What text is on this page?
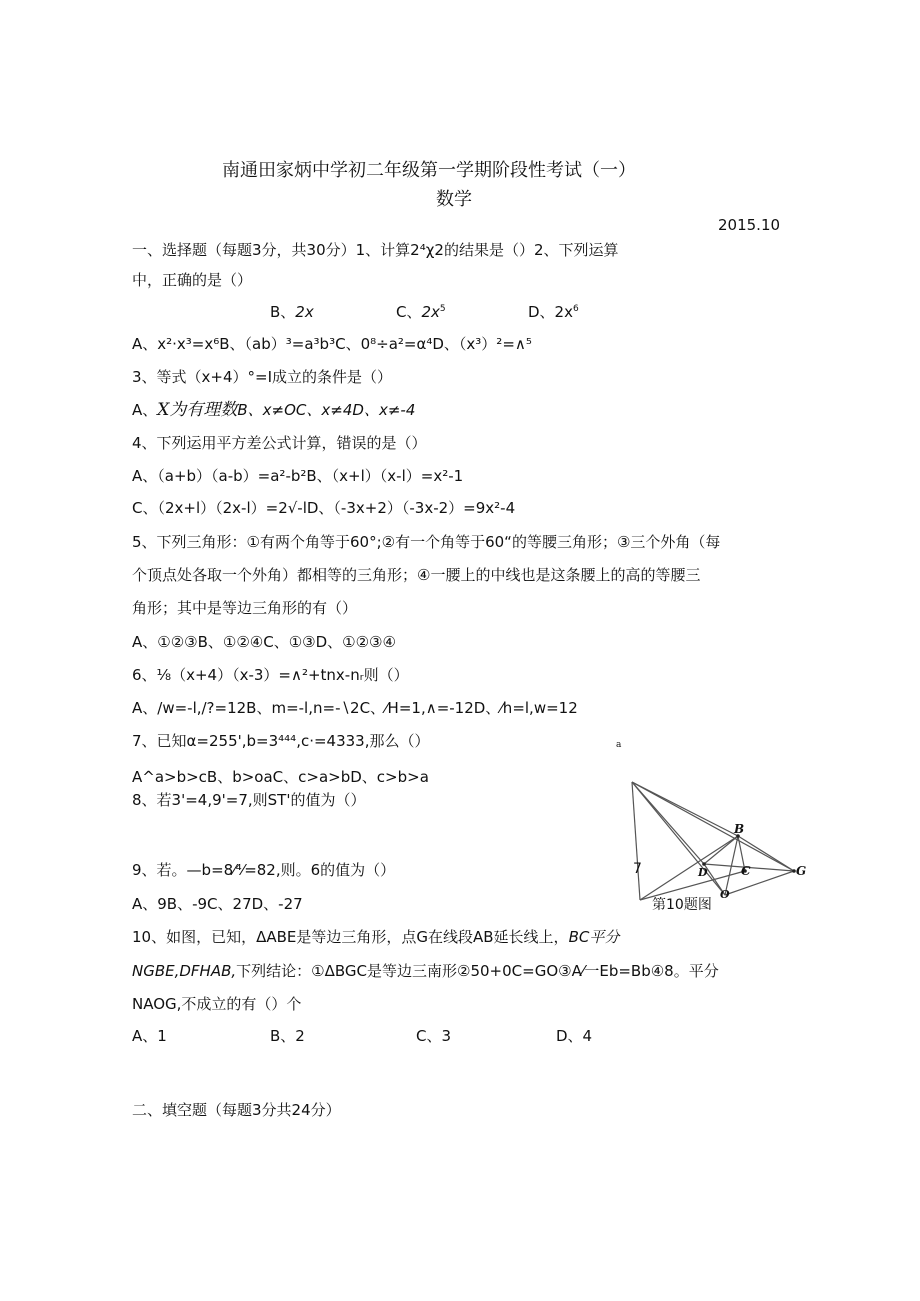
南通田家炳中学初二年级第一学期阶段性考试（一）
数学
2015.10
一、选择题（每题3分，共30分）1、计算2⁴χ2的结果是（）2、下列运算
中，正确的是（）
B、2x	C、$2x^5$	D、$2x^6$
A、x²·x³=x⁶B、（ab）³=a³b³C、0⁸÷a²=α⁴D、（x³）²=∧⁵
3、等式（x+4）°=I成立的条件是（）
A、X为有理数B、x≠OC、x≠4D、x≠-4
4、下列运用平方差公式计算，错误的是（）
A、（a+b）（a-b）=a²-b²B、（x+l）（x-l）=x²-1
C、（2x+l）（2x-l）=2√-lD、（-3x+2）（-3x-2）=9x²-4
5、下列三角形：①有两个角等于60°;②有一个角等于60“的等腰三角形；③三个外角（每
个顶点处各取一个外角）都相等的三角形；④一腰上的中线也是这条腰上的高的等腰三
角形；其中是等边三角形的有（）
A、①②③B、①②④C、①③D、①②③④
6、⅛（x+4）（x-3）=∧²+tnx-nᵣ则（）
A、/w=-l,/?=12B、m=-l,n=-∖2C、⁄H=1,∧=-12D、⁄h=l,w=12
7、已知α=255',b=3⁴⁴⁴,c·=4333,那么（）
A^a>b>cB、b>oaC、c>a>bD、c>b>a
8、若3'=4,9'=7,则ST'的值为（）
9、若。—b=8⁄⁴⁄=82,则。6的值为（）
A、9B、-9C、27D、-27
10、如图，已知，ΔABE是等边三角形，点G在线段AB延长线上，BC平分
NGBE,DFHAB,下列结论：①ΔBGC是等边三南形②50+0C=GO③A⁄一Eb=Bb④8。平分
NAOG,不成立的有（）个
A、1	B、2	C、3	D、4
二、填空题（每题3分共24分）
a
B
7	D	C
O
G
第10题图
